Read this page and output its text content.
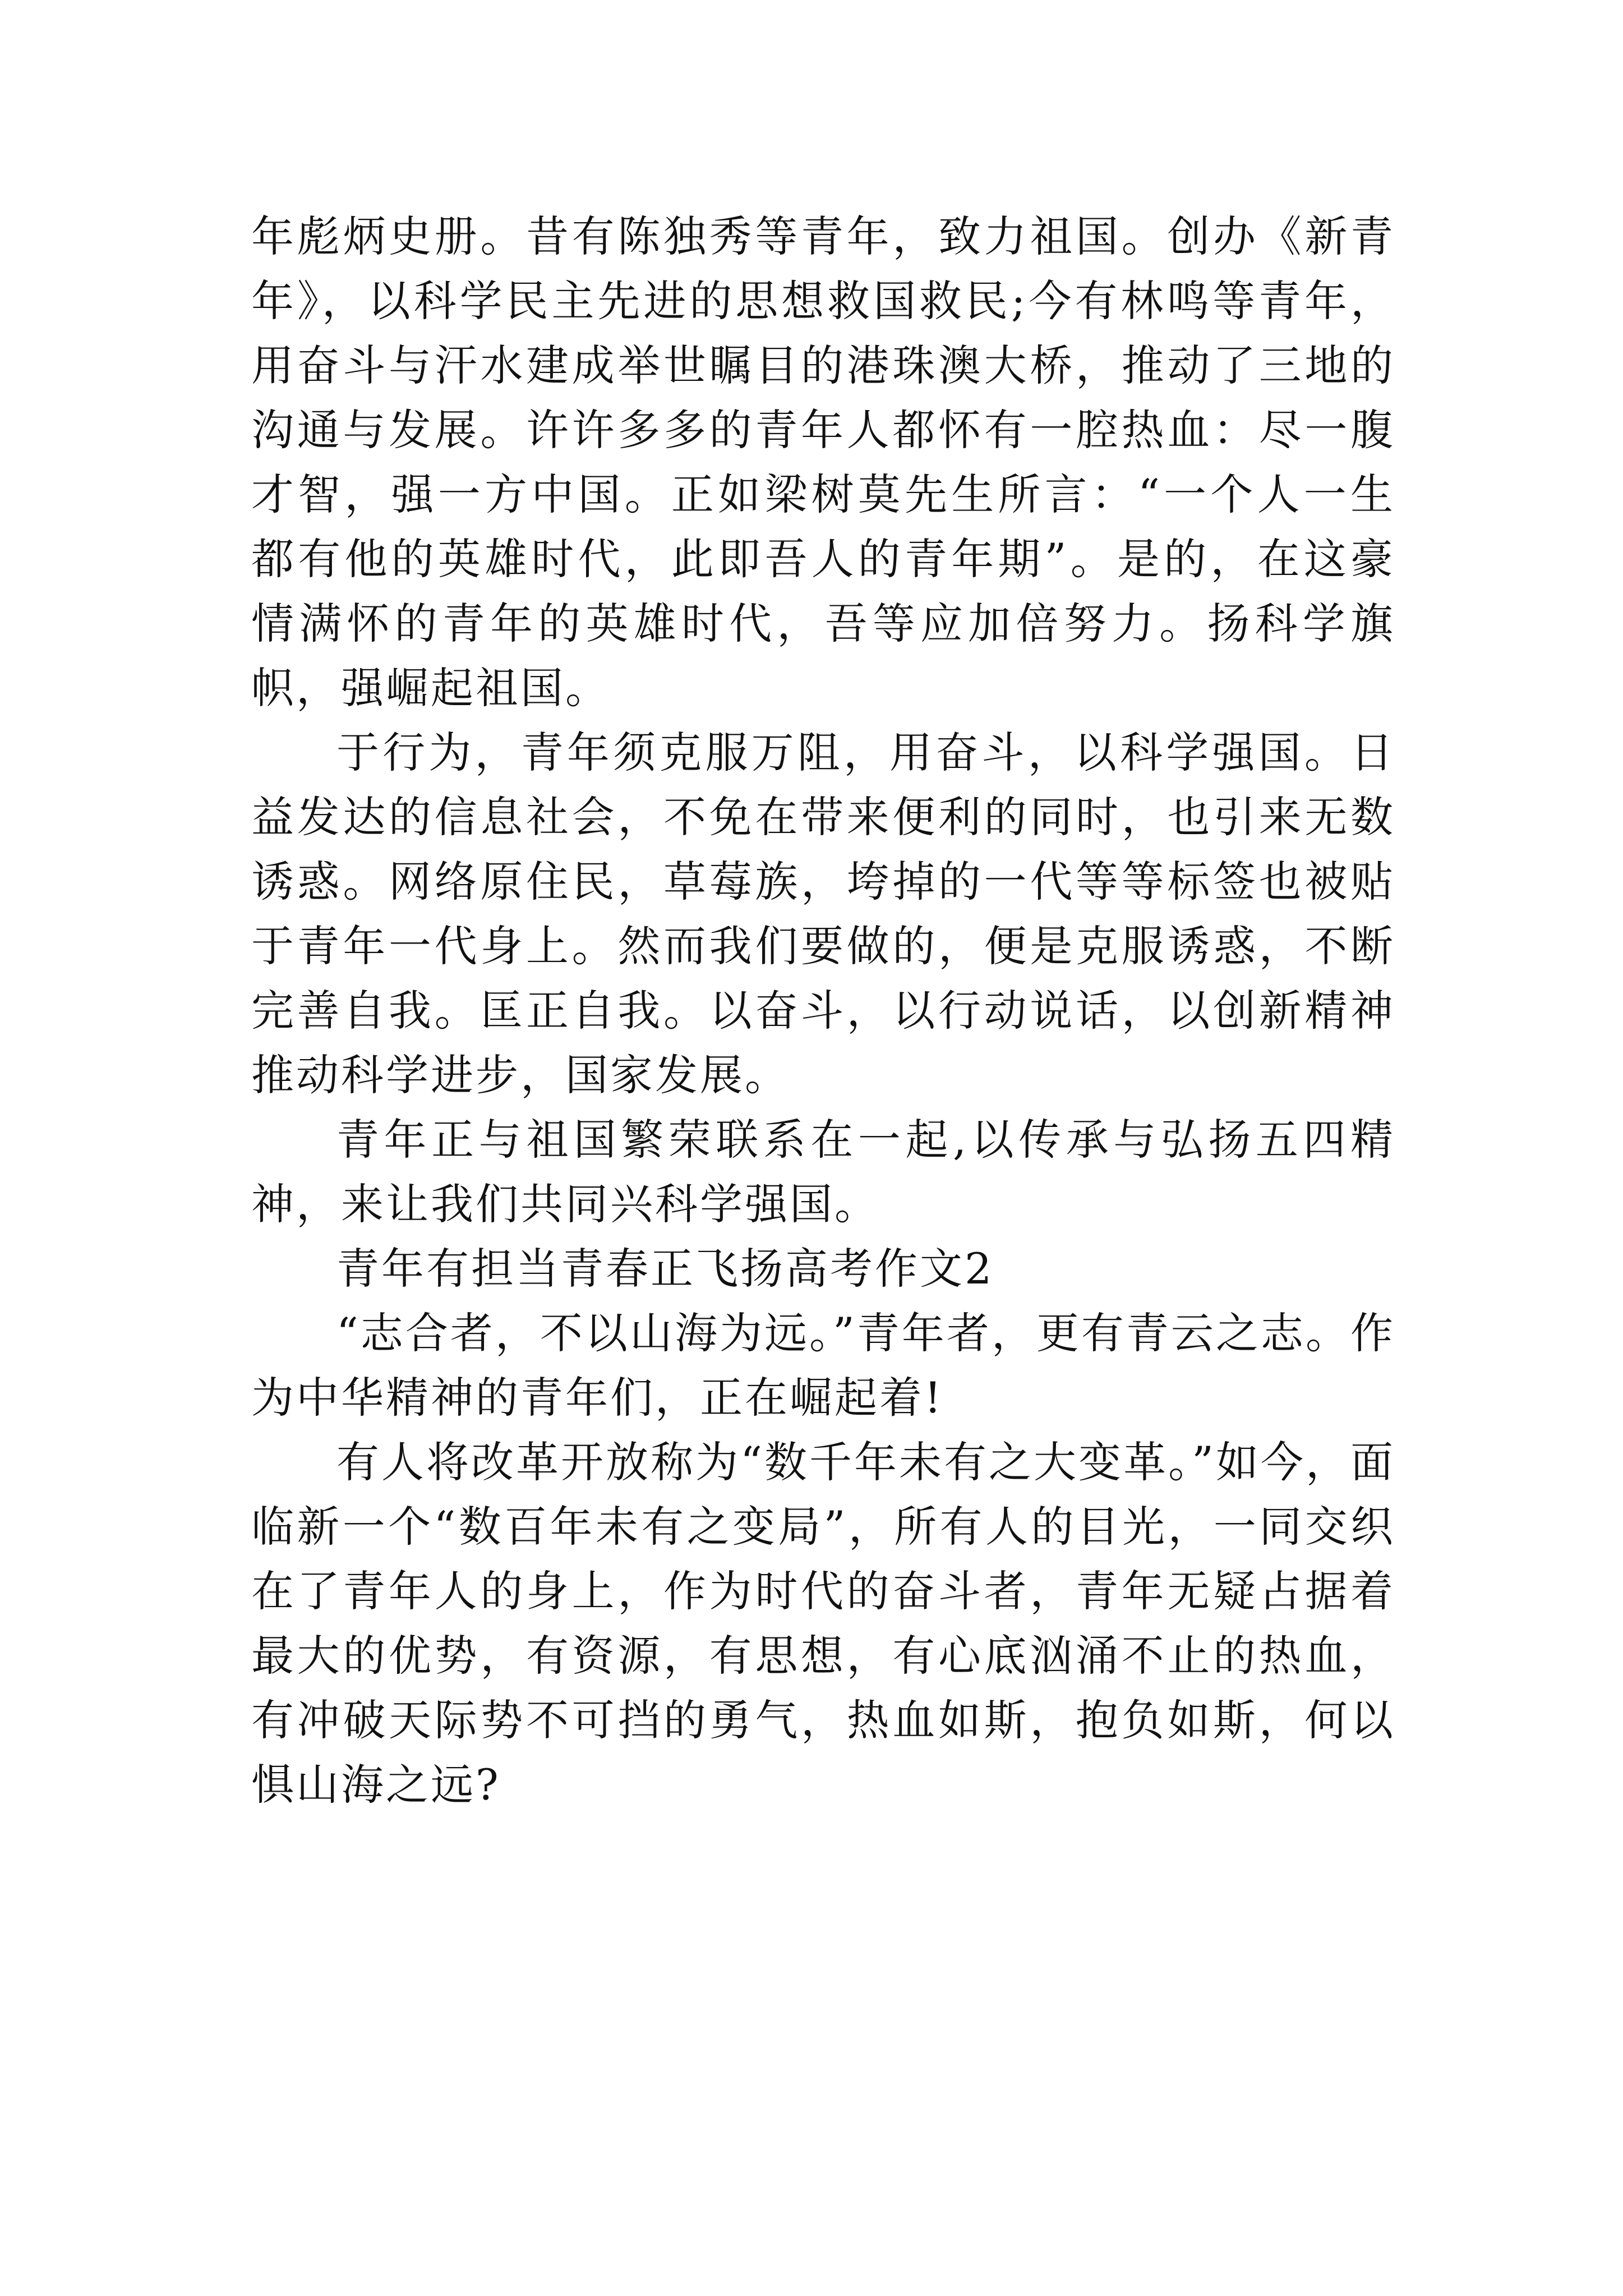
年彪炳史册。昔有陈独秀等青年，致力祖国。创办《新青年》，以科学民主先进的思想救国救民;今有林鸣等青年，用奋斗与汗水建成举世瞩目的港珠澳大桥，推动了三地的沟通与发展。许许多多的青年人都怀有一腔热血：尽一腹才智，强一方中国。正如梁树莫先生所言：“一个人一生都有他的英雄时代，此即吾人的青年期”。是的，在这豪情满怀的青年的英雄时代，吾等应加倍努力。扬科学旗帜，强崛起祖国。

于行为，青年须克服万阻，用奋斗，以科学强国。日益发达的信息社会，不免在带来便利的同时，也引来无数诱惑。网络原住民，草莓族，垮掉的一代等等标签也被贴于青年一代身上。然而我们要做的，便是克服诱惑，不断完善自我。匡正自我。以奋斗，以行动说话，以创新精神推动科学进步，国家发展。

青年正与祖国繁荣联系在一起,以传承与弘扬五四精神，来让我们共同兴科学强国。

青年有担当青春正飞扬高考作文2

“志合者，不以山海为远。”青年者，更有青云之志。作为中华精神的青年们，正在崛起着!

有人将改革开放称为“数千年未有之大变革。”如今，面临新一个“数百年未有之变局”，所有人的目光，一同交织在了青年人的身上，作为时代的奋斗者，青年无疑占据着最大的优势，有资源，有思想，有心底汹涌不止的热血，有冲破天际势不可挡的勇气，热血如斯，抱负如斯，何以惧山海之远?
